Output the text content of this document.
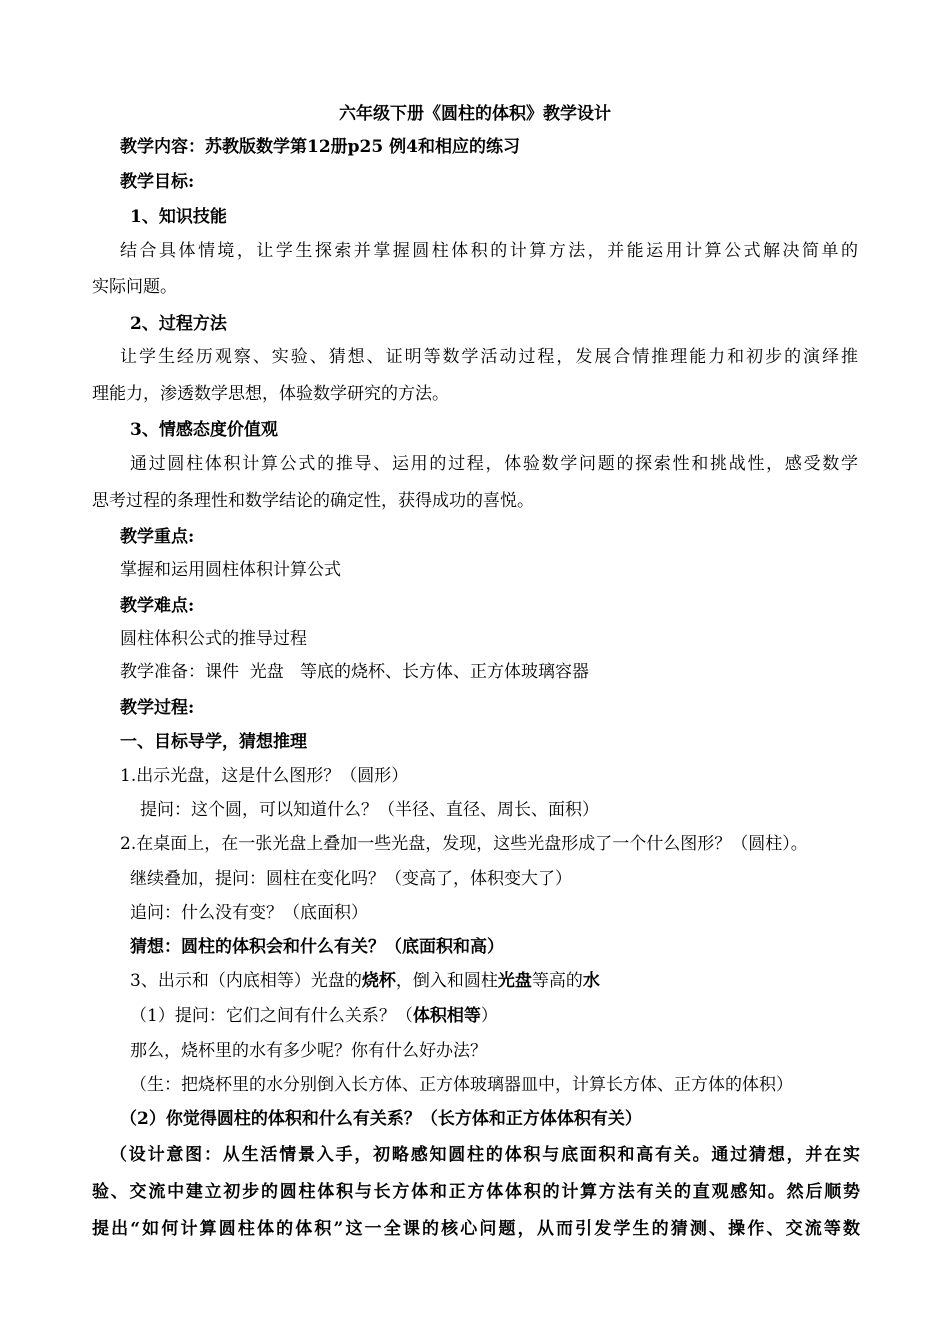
六年级下册《圆柱的体积》教学设计
教学内容：苏教版数学第12册p25 例4和相应的练习
教学目标:
1、知识技能
结合具体情境，让学生探索并掌握圆柱体积的计算方法，并能运用计算公式解决简单的
实际问题。
2、过程方法
让学生经历观察、实验、猜想、证明等数学活动过程，发展合情推理能力和初步的演绎推
理能力，渗透数学思想，体验数学研究的方法。
3、情感态度价值观
通过圆柱体积计算公式的推导、运用的过程，体验数学问题的探索性和挑战性，感受数学
思考过程的条理性和数学结论的确定性，获得成功的喜悦。
教学重点:
掌握和运用圆柱体积计算公式
教学难点:
圆柱体积公式的推导过程
教学准备：课件  光盘   等底的烧杯、长方体、正方体玻璃容器
教学过程:
一、目标导学，猜想推理
1.出示光盘，这是什么图形？（圆形）
提问：这个圆，可以知道什么？（半径、直径、周长、面积）
2.在桌面上，在一张光盘上叠加一些光盘，发现，这些光盘形成了一个什么图形？（圆柱）。
继续叠加，提问：圆柱在变化吗？（变高了，体积变大了）
追问：什么没有变？（底面积）
猜想：圆柱的体积会和什么有关？（底面积和高）
3、出示和（内底相等）光盘的烧杯，倒入和圆柱光盘等高的水
（1）提问：它们之间有什么关系？（体积相等）
那么，烧杯里的水有多少呢？你有什么好办法？
（生：把烧杯里的水分别倒入长方体、正方体玻璃器皿中，计算长方体、正方体的体积）
（2）你觉得圆柱的体积和什么有关系？（长方体和正方体体积有关）
（设计意图：从生活情景入手，初略感知圆柱的体积与底面积和高有关。通过猜想，并在实
验、交流中建立初步的圆柱体积与长方体和正方体体积的计算方法有关的直观感知。然后顺势
提出“如何计算圆柱体的体积”这一全课的核心问题，从而引发学生的猜测、操作、交流等数
